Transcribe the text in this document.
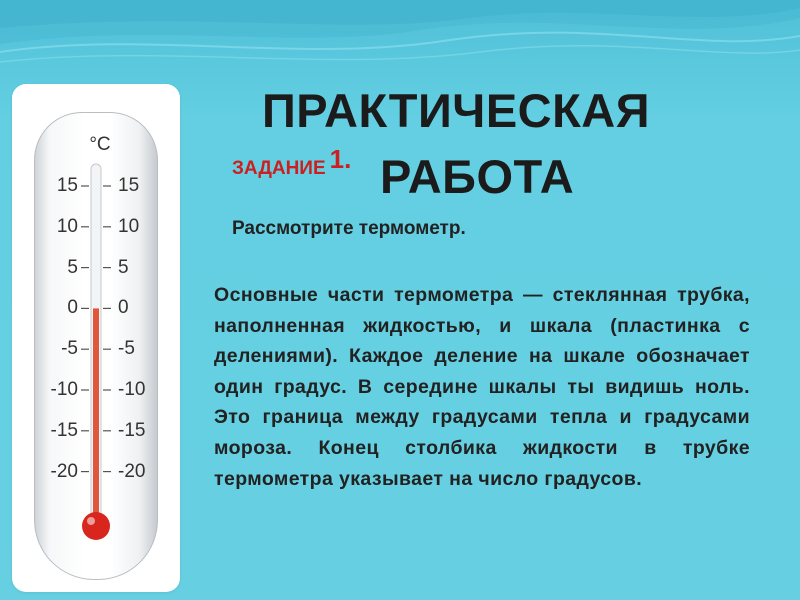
°C
ПРАКТИЧЕСКАЯ
РАБОТА
ЗАДАНИЕ 1.
Рассмотрите термометр.

Основные части термометра — стеклянная трубка, наполненная жидкостью, и шкала (пластинка с делениями). Каждое деление на шкале обозначает один градус. В середине шкалы ты видишь ноль. Это граница между градусами тепла и градусами мороза. Конец столбика жидкости в трубке термометра указывает на число градусов.

15
10
5
0
-5
-10
-15
-20
15
10
5
0
-5
-10
-15
-20
